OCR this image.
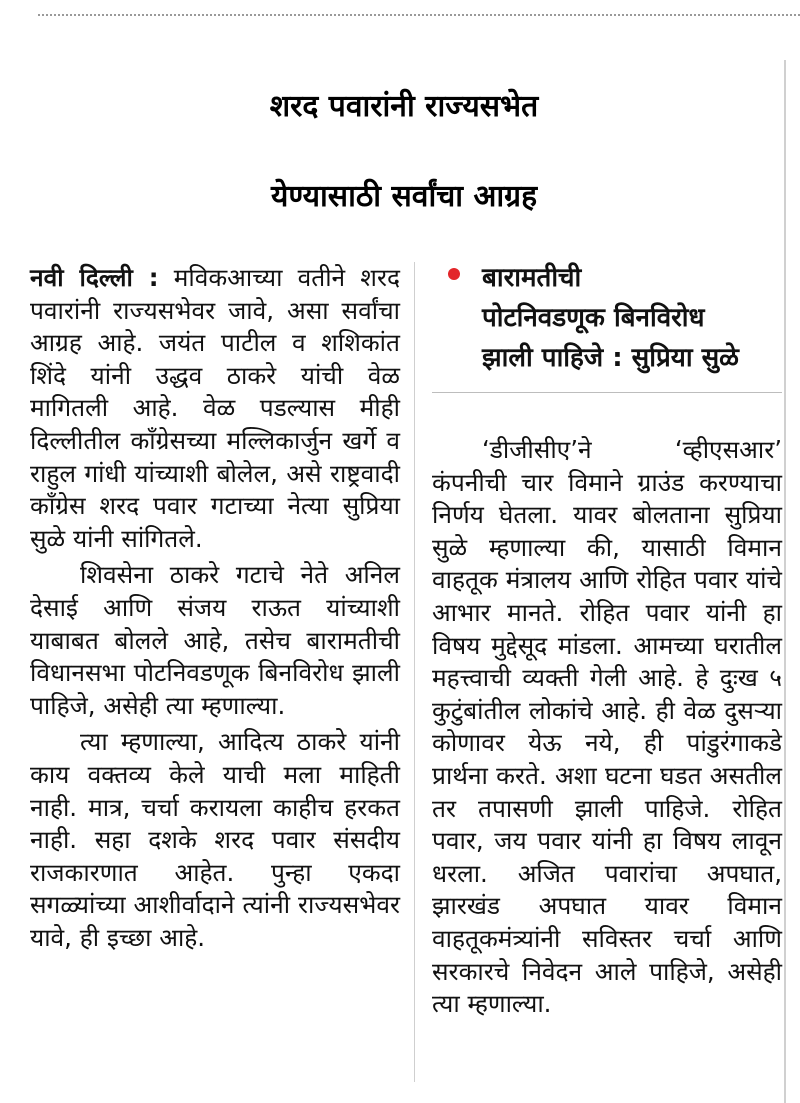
शरद पवारांनी राज्यसभेत
येण्यासाठी सर्वांचा आग्रह

नवी दिल्ली : मविकआच्या वतीने शरद पवारांनी राज्यसभेवर जावे, असा सर्वांचा आग्रह आहे. जयंत पाटील व शशिकांत शिंदे यांनी उद्धव ठाकरे यांची वेळ मागितली आहे. वेळ पडल्यास मीही दिल्लीतील काँग्रेसच्या मल्लिकार्जुन खर्गे व राहुल गांधी यांच्याशी बोलेल, असे राष्ट्रवादी काँग्रेस शरद पवार गटाच्या नेत्या सुप्रिया सुळे यांनी सांगितले.

शिवसेना ठाकरे गटाचे नेते अनिल देसाई आणि संजय राऊत यांच्याशी याबाबत बोलले आहे, तसेच बारामतीची विधानसभा पोटनिवडणूक बिनविरोध झाली पाहिजे, असेही त्या म्हणाल्या.

त्या म्हणाल्या, आदित्य ठाकरे यांनी काय वक्तव्य केले याची मला माहिती नाही. मात्र, चर्चा करायला काहीच हरकत नाही. सहा दशके शरद पवार संसदीय राजकारणात आहेत. पुन्हा एकदा सगळ्यांच्या आशीर्वादाने त्यांनी राज्यसभेवर यावे, ही इच्छा आहे.

बारामतीची
पोटनिवडणूक बिनविरोध
झाली पाहिजे : सुप्रिया सुळे

‘डीजीसीए’ने ‘व्हीएसआर’ कंपनीची चार विमाने ग्राउंड करण्याचा निर्णय घेतला. यावर बोलताना सुप्रिया सुळे म्हणाल्या की, यासाठी विमान वाहतूक मंत्रालय आणि रोहित पवार यांचे आभार मानते. रोहित पवार यांनी हा विषय मुद्देसूद मांडला. आमच्या घरातील महत्त्वाची व्यक्ती गेली आहे. हे दुःख ५ कुटुंबांतील लोकांचे आहे. ही वेळ दुसऱ्या कोणावर येऊ नये, ही पांडुरंगाकडे प्रार्थना करते. अशा घटना घडत असतील तर तपासणी झाली पाहिजे. रोहित पवार, जय पवार यांनी हा विषय लावून धरला. अजित पवारांचा अपघात, झारखंड अपघात यावर विमान वाहतूकमंत्र्यांनी सविस्तर चर्चा आणि सरकारचे निवेदन आले पाहिजे, असेही त्या म्हणाल्या.
